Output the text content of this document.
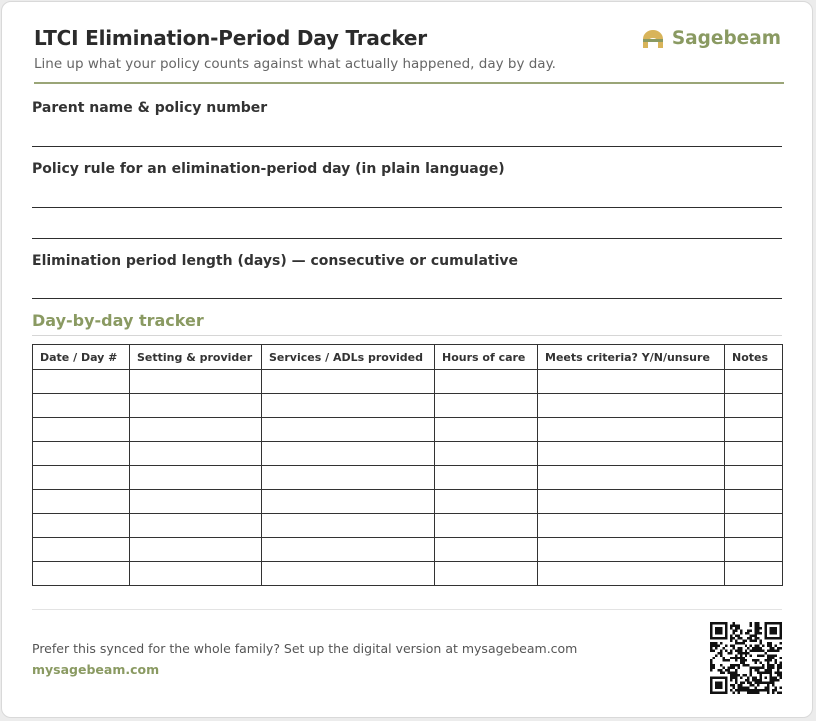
LTCI Elimination-Period Day Tracker
Line up what your policy counts against what actually happened, day by day.
Sagebeam
Parent name & policy number
Policy rule for an elimination-period day (in plain language)
Elimination period length (days) — consecutive or cumulative
Day-by-day tracker
Date / Day #	Setting & provider	Services / ADLs provided	Hours of care	Meets criteria? Y/N/unsure	Notes

Prefer this synced for the whole family? Set up the digital version at mysagebeam.com
mysagebeam.com
